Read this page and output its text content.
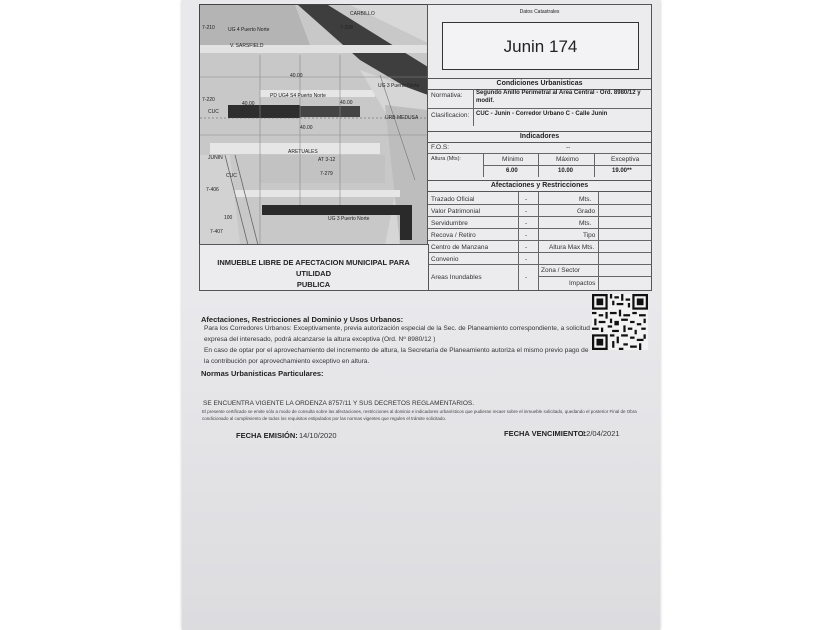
CARBILLO
7-210	7-208
UG 4 Puerto Norte
V. SARSFIELD
UG 3 Puerto Norte
PD UG4 S4 Puerto Norte
40.00
40.00
40.00
40.00
7-220
CUC
CUC
ARETUALES
AT 3-12
7-279
7-406
100
7-407
UG 3 Puerto Norte
JUNIN
URB MEDUSA
Datos Catastrales
Junin 174
Condiciones Urbanisticas
Normativa: Segundo Anillo Perimetral al Area Central - Ord. 8980/12 y modif.
Clasificacion: CUC - Junin - Corredor Urbano C - Calle Junin
Indicadores
F.O.S:	--
Altura (Mts):	Mínimo	Máximo	Exceptiva
6.00	10.00	19.00**
Afectaciones y Restricciones
Trazado Oficial	-	Mts.
Valor Patrimonial	-	Grado
Servidumbre	-	Mts.
Recova / Retiro	-	Tipo
Centro de Manzana	-	Altura Max Mts.
Convenio	-
Areas Inundables	-
Zona / Sector
Impactos
INMUEBLE LIBRE DE AFECTACION MUNICIPAL PARA UTILIDAD
PUBLICA
Afectaciones, Restricciones al Dominio y Usos Urbanos:
Para los Corredores Urbanos: Exceptivamente, previa autorización especial de la Sec. de Planeamiento correspondiente, a solicitud
expresa del interesado, podrá alcanzarse la altura exceptiva (Ord. Nº 8980/12 )
En caso de optar por el aprovechamiento del incremento de altura, la Secretaría de Planeamiento autoriza el mismo previo pago de
la contribución por aprovechamiento exceptivo en altura.
Normas Urbanisticas Particulares:
SE ENCUENTRA VIGENTE LA ORDENZA 8757/11 Y SUS DECRETOS REGLAMENTARIOS.
El presente certificado se emite sólo a modo de consulta sobre las afectaciones, restricciones al dominio e indicadores urbanísticos que pudieran recaer sobre el inmueble solicitado, quedando el posterior Final de Obra
condicionado al cumplimiento de todos los requisitos estipulados por las normas vigentes que regulen el trámite solicitado.
FECHA EMISIÓN: 14/10/2020	FECHA VENCIMIENTO:
12/04/2021
